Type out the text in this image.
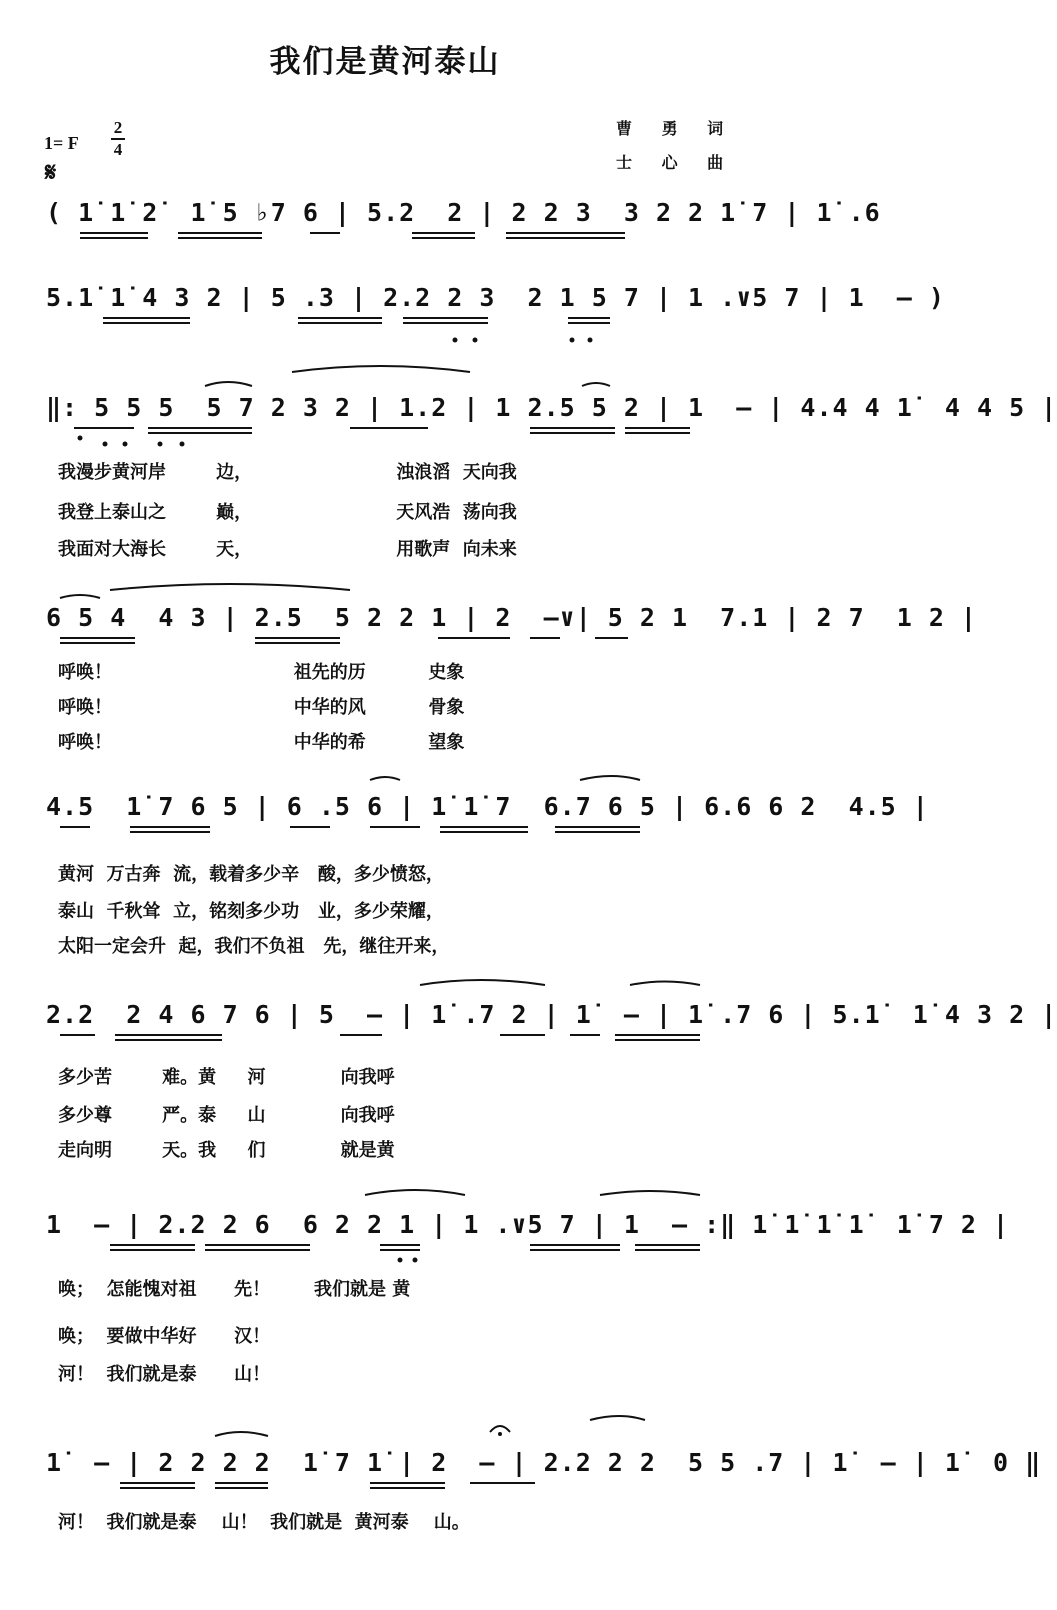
我们是黄河泰山
1= F
2
4
𝄋
曹 勇 词
士 心 曲
( 1̇ 1̇ 2̇  1̇ 5 ♭7 6 | 5.2  2 | 2 2 3  3 2 2 1̇ 7 | 1̇ .6
5.1̇ 1̇ 4 3 2 | 5 .3 | 2.2 2 3  2 1 5 7 | 1 .∨5 7 | 1  – )
‖: 5 5 5  5 7 2 3 2 | 1.2 | 1 2.5 5 2 | 1  – | 4.4 4 1̇  4 4 5 |
我漫步黄河岸        边，                       浊浪滔  天向我
我登上泰山之        巅，                       天风浩  荡向我
我面对大海长        天，                       用歌声  向未来
6 5 4  4 3 | 2.5  5 2 2 1 | 2  –∨| 5 2 1  7.1 | 2 7  1 2 |
呼唤！                             祖先的历          史象
呼唤！                             中华的风          骨象
呼唤！                             中华的希          望象
4.5  1̇ 7 6 5 | 6 .5 6 | 1̇ 1̇ 7  6.7 6 5 | 6.6 6 2  4.5 |
黄河  万古奔  流，载着多少辛   酸，多少愤怒，
泰山  千秋耸  立，铭刻多少功   业，多少荣耀，
太阳一定会升  起，我们不负祖   先，继往开来，
2.2  2 4 6 7 6 | 5  – | 1̇ .7 2 | 1̇  – | 1̇ .7 6 | 5.1̇  1̇ 4 3 2 |
多少苦        难。黄     河            向我呼
多少尊        严。泰     山            向我呼
走向明        天。我     们            就是黄
1  – | 2.2 2 6  6 2 2 1 | 1 .∨5 7 | 1  – :‖ 1̇ 1̇ 1̇ 1̇  1̇ 7 2 |
唤；  怎能愧对祖      先！       我们就是 黄
唤；  要做中华好      汉！
河！  我们就是泰      山！
1̇  – | 2 2 2 2  1̇ 7 1̇ | 2  – | 2.2 2 2  5 5 .7 | 1̇  – | 1̇  0 ‖
河！  我们就是泰    山！  我们就是  黄河泰    山。
